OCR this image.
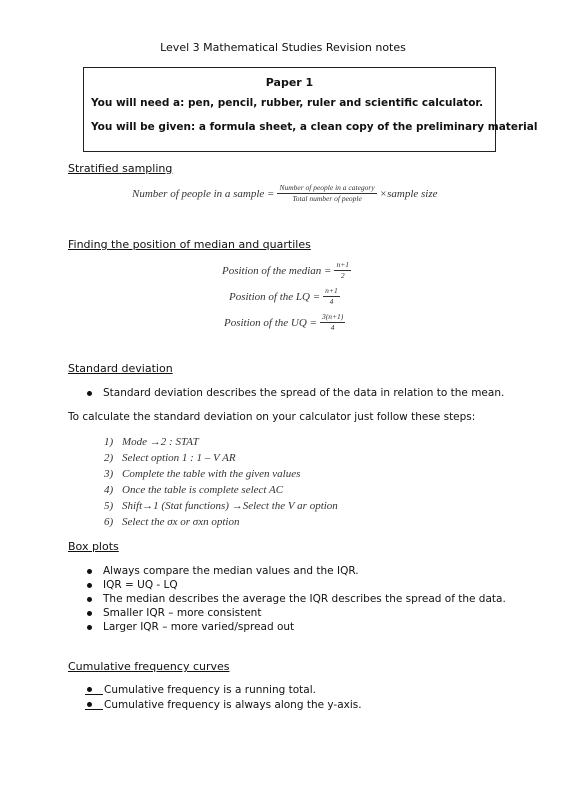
Level 3 Mathematical Studies Revision notes
Paper 1
You will need a: pen, pencil, rubber, ruler and scientific calculator.
You will be given: a formula sheet, a clean copy of the preliminary material
Stratified sampling
Number of people in a sample = $\frac{\text{Number of people in a category}}{\text{Total number of people}}$ ×sample size
Finding the position of median and quartiles
Position of the median = $\frac{n+1}{2}$
Position of the LQ = $\frac{n+1}{4}$
Position of the UQ = $\frac{3(n+1)}{4}$
Standard deviation
Standard deviation describes the spread of the data in relation to the mean.
To calculate the standard deviation on your calculator just follow these steps:
1) Mode →2 : STAT
2) Select option 1 : 1 – V AR
3) Complete the table with the given values
4) Once the table is complete select AC
5) Shift→1 (Stat functions) →Select the V ar option
6) Select the σx or σxn option
Box plots
Always compare the median values and the IQR.
IQR = UQ - LQ
The median describes the average the IQR describes the spread of the data.
Smaller IQR – more consistent
Larger IQR – more varied/spread out
Cumulative frequency curves
Cumulative frequency is a running total.
Cumulative frequency is always along the y-axis.
